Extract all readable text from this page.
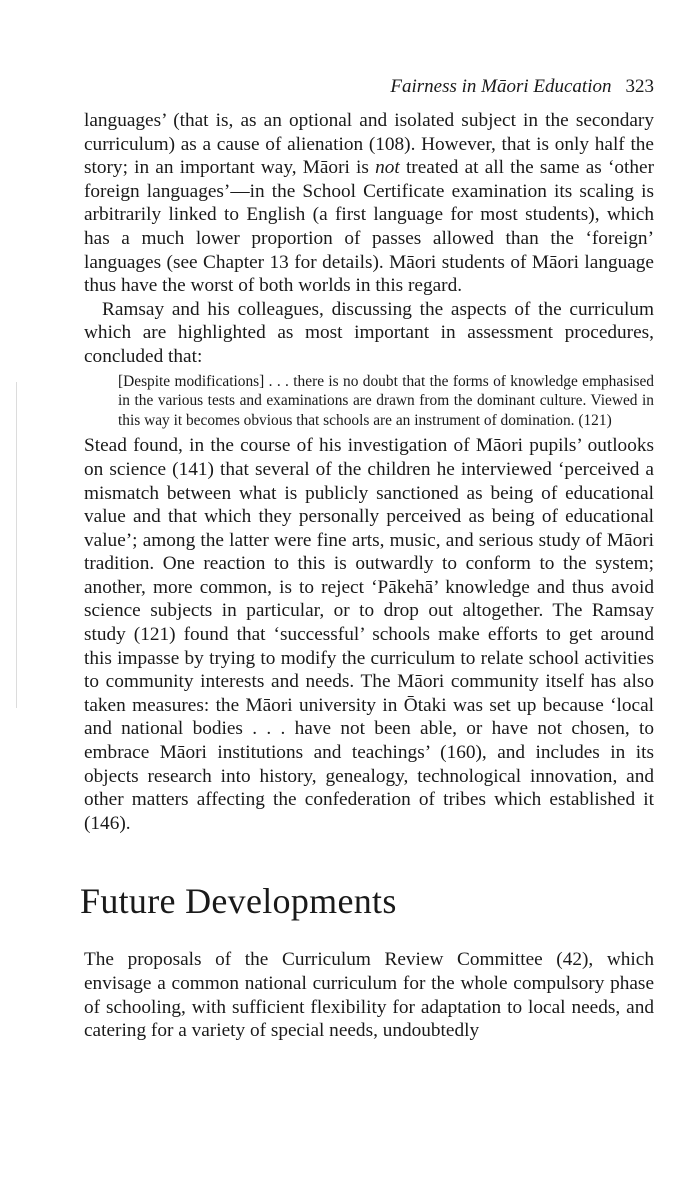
Fairness in Māori Education 323

languages’ (that is, as an optional and isolated subject in the secondary curriculum) as a cause of alienation (108). However, that is only half the story; in an important way, Māori is not treated at all the same as ‘other foreign languages’—in the School Certificate examination its scaling is arbitrarily linked to English (a first language for most students), which has a much lower proportion of passes allowed than the ‘foreign’ languages (see Chapter 13 for details). Māori students of Māori language thus have the worst of both worlds in this regard.

Ramsay and his colleagues, discussing the aspects of the curriculum which are highlighted as most important in assessment procedures, concluded that:

[Despite modifications] . . . there is no doubt that the forms of knowledge emphasised in the various tests and examinations are drawn from the dominant culture. Viewed in this way it becomes obvious that schools are an instrument of domination. (121)

Stead found, in the course of his investigation of Māori pupils’ outlooks on science (141) that several of the children he interviewed ‘perceived a mismatch between what is publicly sanctioned as being of educational value and that which they personally perceived as being of educational value’; among the latter were fine arts, music, and serious study of Māori tradition. One reaction to this is outwardly to conform to the system; another, more common, is to reject ‘Pākehā’ knowledge and thus avoid science subjects in particular, or to drop out altogether. The Ramsay study (121) found that ‘successful’ schools make efforts to get around this impasse by trying to modify the curriculum to relate school activities to community interests and needs. The Māori community itself has also taken measures: the Māori university in Ōtaki was set up because ‘local and national bodies . . . have not been able, or have not chosen, to embrace Māori institutions and teachings’ (160), and includes in its objects research into history, genealogy, technological innovation, and other matters affecting the confederation of tribes which established it (146).

Future Developments

The proposals of the Curriculum Review Committee (42), which envisage a common national curriculum for the whole compulsory phase of schooling, with sufficient flexibility for adaptation to local needs, and catering for a variety of special needs, undoubtedly
